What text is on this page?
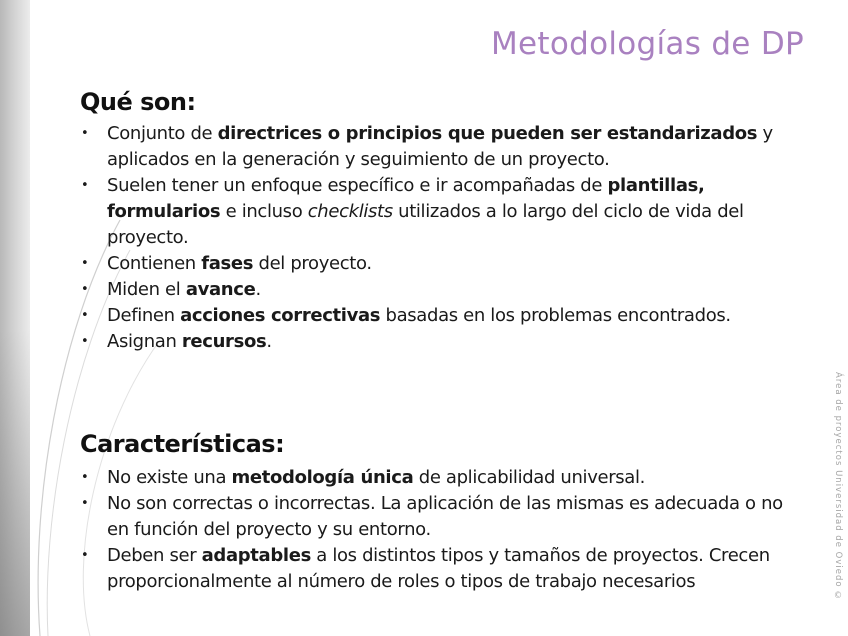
Metodologías de DP
Qué son:
• Conjunto de directrices o principios que pueden ser estandarizados y aplicados en la generación y seguimiento de un proyecto.
• Suelen tener un enfoque específico e ir acompañadas de plantillas, formularios e incluso checklists utilizados a lo largo del ciclo de vida del proyecto.
• Contienen fases del proyecto.
• Miden el avance.
• Definen acciones correctivas basadas en los problemas encontrados.
• Asignan recursos.
Características:
• No existe una metodología única de aplicabilidad universal.
• No son correctas o incorrectas. La aplicación de las mismas es adecuada o no en función del proyecto y su entorno.
• Deben ser adaptables a los distintos tipos y tamaños de proyectos. Crecen proporcionalmente al número de roles o tipos de trabajo necesarios	Área de proyectos Universidad de Oviedo ©
